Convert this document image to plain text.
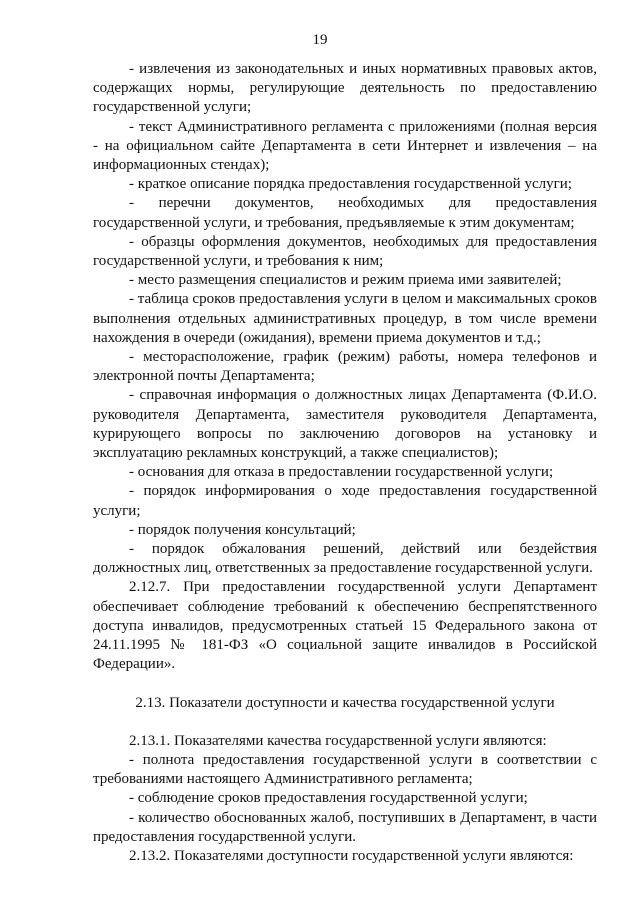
19

- извлечения из законодательных и иных нормативных правовых актов, содержащих нормы, регулирующие деятельность по предоставлению государственной услуги;

- текст Административного регламента с приложениями (полная версия - на официальном сайте Департамента в сети Интернет и извлечения – на информационных стендах);

- краткое описание порядка предоставления государственной услуги;

- перечни документов, необходимых для предоставления государственной услуги, и требования, предъявляемые к этим документам;

- образцы оформления документов, необходимых для предоставления государственной услуги, и требования к ним;

- место размещения специалистов и режим приема ими заявителей;

- таблица сроков предоставления услуги в целом и максимальных сроков выполнения отдельных административных процедур, в том числе времени нахождения в очереди (ожидания), времени приема документов и т.д.;

- месторасположение, график (режим) работы, номера телефонов и электронной почты Департамента;

- справочная информация о должностных лицах Департамента (Ф.И.О. руководителя Департамента, заместителя руководителя Департамента, курирующего вопросы по заключению договоров на установку и эксплуатацию рекламных конструкций, а также специалистов);

- основания для отказа в предоставлении государственной услуги;

- порядок информирования о ходе предоставления государственной услуги;

- порядок получения консультаций;

- порядок обжалования решений, действий или бездействия должностных лиц, ответственных за предоставление государственной услуги.

2.12.7. При предоставлении государственной услуги Департамент обеспечивает соблюдение требований к обеспечению беспрепятственного доступа инвалидов, предусмотренных статьей 15 Федерального закона от 24.11.1995 № 181-ФЗ «О социальной защите инвалидов в Российской Федерации».

2.13. Показатели доступности и качества государственной услуги

2.13.1. Показателями качества государственной услуги являются:

- полнота предоставления государственной услуги в соответствии с требованиями настоящего Административного регламента;

- соблюдение сроков предоставления государственной услуги;

- количество обоснованных жалоб, поступивших в Департамент, в части предоставления государственной услуги.

2.13.2. Показателями доступности государственной услуги являются:
